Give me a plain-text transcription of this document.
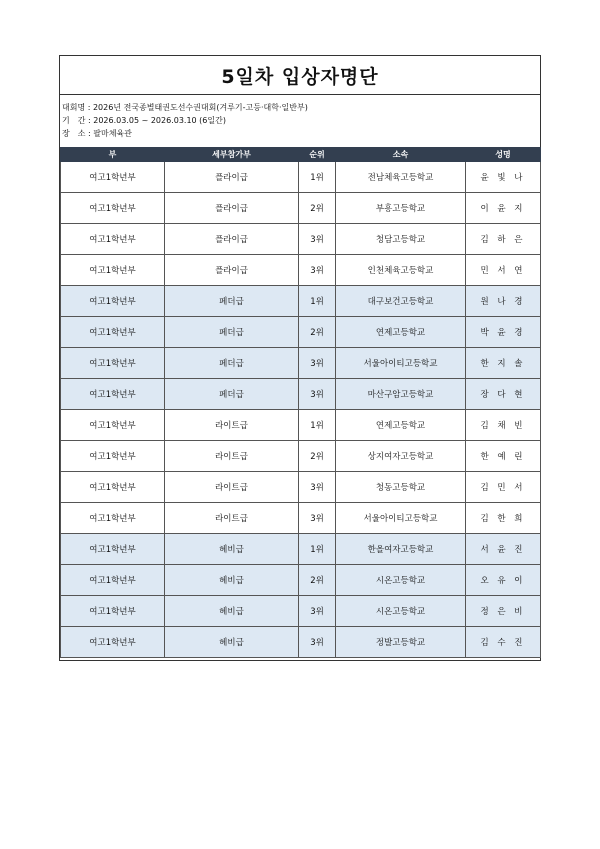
5일차 입상자명단
대회명 : 2026년 전국종별태권도선수권대회(겨루기-고등·대학·일반부)
기　간 : 2026.03.05 ~ 2026.03.10 (6일간)
장　소 : 팔마체육관
부	세부참가부	순위	소속	성명
여고1학년부	플라이급	1위	전남체육고등학교	윤 빛 나
여고1학년부	플라이급	2위	부흥고등학교	이 윤 지
여고1학년부	플라이급	3위	청담고등학교	김 하 은
여고1학년부	플라이급	3위	인천체육고등학교	민 서 연
여고1학년부	페더급	1위	대구보건고등학교	원 나 경
여고1학년부	페더급	2위	연제고등학교	박 윤 경
여고1학년부	페더급	3위	서울아이티고등학교	한 지 솔
여고1학년부	페더급	3위	마산구암고등학교	장 다 현
여고1학년부	라이트급	1위	연제고등학교	김 채 빈
여고1학년부	라이트급	2위	상지여자고등학교	한 예 린
여고1학년부	라이트급	3위	청동고등학교	김 민 서
여고1학년부	라이트급	3위	서울아이티고등학교	김 한 희
여고1학년부	헤비급	1위	한올여자고등학교	서 윤 진
여고1학년부	헤비급	2위	시온고등학교	오 유 이
여고1학년부	헤비급	3위	시온고등학교	정 은 비
여고1학년부	헤비급	3위	정발고등학교	김 수 진
